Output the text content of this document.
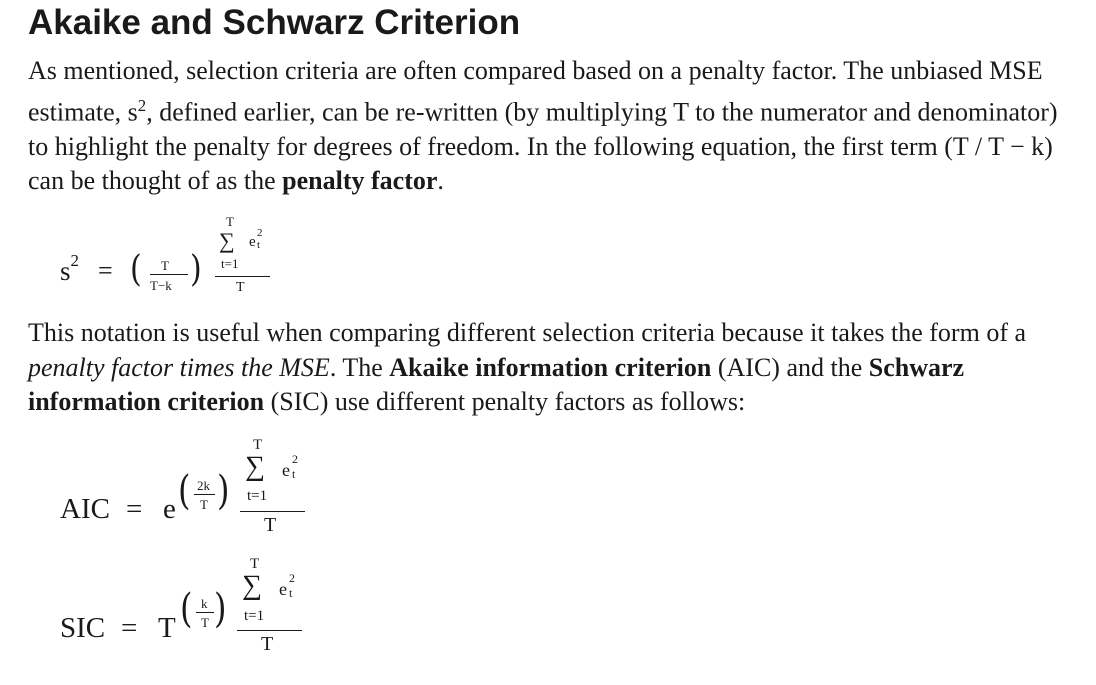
Akaike and Schwarz Criterion

As mentioned, selection criteria are often compared based on a penalty factor. The unbiased MSE estimate, $s^2$, defined earlier, can be re-written (by multiplying T to the numerator and denominator) to highlight the penalty for degrees of freedom. In the following equation, the first term (T / T − k) can be thought of as the penalty factor.

This notation is useful when comparing different selection criteria because it takes the form of a penalty factor times the MSE. The Akaike information criterion (AIC) and the Schwarz information criterion (SIC) use different penalty factors as follows:

$s^2$ = ( T
T−k )
T
∑ e
2
t
t=1
T
AIC = e ( 2k
T )
T
∑ e
2
t
t=1
T
SIC = T ( k
T )
T
∑ e
2
t
t=1
T
